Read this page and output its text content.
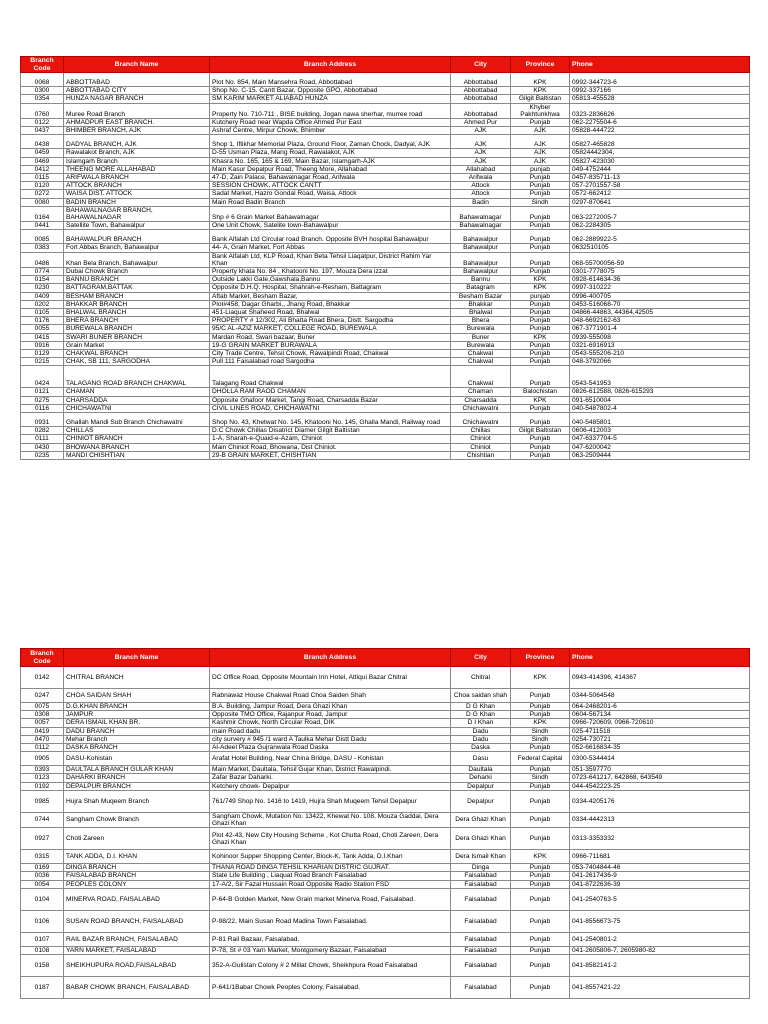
Branch Code	Branch Name	Branch Address	City	Province	Phone
0068	ABBOTTABAD	Plot No. 854, Main Mansehra Road, Abbottabad	Abbottabad	KPK	0992-344723-6
0300	ABBOTTABAD CITY	Shop No. C-15. Cantt Bazar, Opposite GPO, Abbottabad	Abbottabad	KPK	0992-337166
0354	HUNZA NAGAR BRANCH	SM KARIM MARKET ALIABAD HUNZA	Abbottabad	Gilgit Baltistan	05813-455528
0760	Muree Road Branch	Property No. 710-711 , BISE building, Jogan nawa sherhar, murree road	Abbottabad	Khyber Pakhtunkhwa	0323-2836626
0122	AHMADPUR EAST BRANCH.	Kutchery Road near Wapda Office Ahmed Pur East	Ahmed Pur	Punjab	062-2275504-6
0437	BHIMBER BRANCH, AJK	Ashraf Centre, Mirpur Chowk, Bhimber	AJK	AJK	05828-444722
0438	DADYAL BRANCH, AJK	Shop 1, Iftikhar Memorial Plaza, Ground Floor, Zaman Chock, Dadyal, AJK	AJK	AJK	05827-465828
0459	Rawalakot Branch, AJK	D-55 Usman Plaza, Mang Road, Rawalakot, AJK	AJK	AJK	05824442304,
0469	Islamgarh Branch	Khasra No. 165, 165 & 169, Main Bazar, Islamgarh-AJK	AJK	AJK	05827-423030
0412	THEENG MORE ALLAHABAD	Main Kasur Depalpur Road, Theeng More, Allahabad	Allahabad	punjab	049-4752444
0115	ARIFWALA BRANCH	47-D, Zain Palace, Bahawalnagar Road, Arifwala	Arifwala	Punjab	0457-835711-13
0120	ATTOCK BRANCH	SESSION CHOWK, ATTOCK CANTT	Attock	Punjab	057-2701557-58
0272	WAISA DIST. ATTOCK	Sadat Market, Hazro Gondal Road, Waisa, Attock	Attock	Punjab	0572-662412
0080	BADIN BRANCH	Main Road Badin Branch	Badin	Sindh	0297-870641
0164	BAHAWALNAGAR BRANCH, BAHAWALNAGAR	Shp # 6 Grain Market Bahawalnagar	Bahawalnagar	Punjab	063-2272005-7
0441	Satellite Town, Bahawalpur	One Unit Chowk, Satelite town-Bahawalpur	Bahawalnagar	Punjab	062-2284305
0085	BAHAWALPUR BRANCH	Bank Alfalah Ltd Circular road Branch. Opposite BVH hospital Bahawalpur	Bahawalpur	Punjab	062-2889922-5
0383	Fort Abbas Branch, Bahawalpur	44- A, Grain Market, Fort Abbas	Bahawalpur	Punjab	0632510105
0486	Khan Bela Branch, Bahawalpur	Bank Alfalah Ltd, KLP Road, Khan Beta Tehsil Liaqatpur, District Rahim Yar Khan	Bahawalpur	Punjab	068-55700056-59
0774	Dubai Chowk Branch	Property khata No. 84 , Khatooni No. 197, Mouza Dera izzat	Bahawalpur	Punjab	0301-7778075
0154	BANNU BRANCH	Outside Lakki Gate,Gawshala,Bannu	Bannu	KPK	0928-614634-36
0230	BATTAGRAM,BATTAK	Opposite D.H.Q. Hospital, Shahrah-e-Resham, Battagram	Batagram	KPK	0997-310222
0409	BESHAM BRANCH	Aftab Market, Besham Bazar,	Besham Bazar	punjab	0996-400705
0202	BHAKKAR BRANCH	Plot#458, Dagar Gharbi,, Jhang Road, Bhakkar	Bhakkar	Punjab	0453-516068-70
0105	BHALWAL BRANCH	451-Liaquat Shaheed Road, Bhalwal	Bhalwal	Punjab	04866-44863, 44364,42505
0176	BHERA BRANCH	PROPERTY # 12/302, Ali Bhatta Road Bhera, Distt. Sargodha	Bhera	Punjab	048-6692162-63
0055	BUREWALA BRANCH	95/C AL-AZIZ MARKET, COLLEGE ROAD, BUREWALA	Burewala	Punjab	067-3771901-4
0415	SWARI BUNER BRANCH	Mardan Road, Swari bazaar, Buner	Buner	KPK	0939-555098
0916	Grain Market	19-G GRAIN MARKET BURAWALA	Burewala	Punjab	0321-6916913
0129	CHAKWAL BRANCH	City Trade Centre, Tehsil Chowk, Rawalpindi Road, Chakwal	Chakwal	Punjab	0543-555206-210
0215	CHAK, SB 111, SARGODHA	Pull 111 Faisalabad road Sargodha	Chakwal	Punjab	048-3792066
0424	TALAGANG ROAD BRANCH CHAKWAL	Talagang Road Chakwal	Chakwal	Punjab	0543-541953
0121	CHAMAN	DHOLLA RAM RAOD CHAMAN	Chaman	Balochistan	0826-612588, 0826-615293
0275	CHARSADDA	Opposite Ghafoor Market, Tangi Road, Charsadda Bazar	Charsadda	KPK	091-6510004
0116	CHICHAWATNI	CIVIL LINES ROAD, CHICHAWATNI	Chichawatni	Punjab	040-5487802-4
0931	Ghallah Mandi Sub Branch Chichawatni	Shop No. 43, Khetwat No. 145, Khatooni No. 145, Ghalla Mandi, Railway road	Chichawatni	Punjab	040-5485801
0282	CHILLAS	D.C Chowk Chillas Disatrict Diamer Gilgit Baltistan	Chillas	Gilgit Baltistan	0606-412003
0111	CHINIOT BRANCH	1-A, Sharah-e-Quaid-e-Azam, Chiniot	Chiniot	Punjab	047-6337704-5
0430	BHOWANA BRANCH	Main Chiniot Road, Bhowana, Dist Chiniot.	Chiniot	Punjab	047-6200042
0235	MANDI CHISHTIAN	29-B GRAIN MARKET, CHISHTIAN	Chishtian	Punjab	063-2509444
Branch Code	Branch Name	Branch Address	City	Province	Phone
0142	CHITRAL BRANCH	DC Office Road, Opposite Mountain Inn Hotel, Attiqui Bazar Chitral	Chitral	KPK	0943-414396, 414367
0247	CHOA SAIDAN SHAH	Rabnawaz House Chakwal Road Choa Saiden Shah	Choa saidan shah	Punjab	0344-5064548
0075	D.G.KHAN BRANCH	B.A. Building, Jampur Road, Dera Ghazi Khan	D G Khan	Punjab	064-2468201-6
0308	JAMPUR	Opposite TMO Office, Rajanpur Road, Jampur	D G Khan	Punjab	0604-567134
0057	DERA ISMAIL KHAN BR.	Kashmir Chowk, North Circular Road, DIK	D I Khan	KPK	0966-720609, 0966-720610
0419	DADU BRANCH	main Road dadu	Dadu	Sindh	025-4711518
0470	Mehar Branch	city survery # 945 /1 ward A Taulka Mehar Distt Dadu	Dadu	Sindh	0254-730721
0112	DASKA BRANCH	Al-Adeel Plaza Gujranwala Road Daska	Daska	Punjab	052-6616834-35
0905	DASU-Kohistan	Arafat Hotel Building, Near China Bridge, DASU - Kohistan	Dasu	Federal Capital	0300-5344414
0393	DAULTALA BRANCH GULAR KHAN	Main Market, Daultala, Tehsil Gujar Khan, District Rawalpindi.	Daultala	Punjab	051-3597770
0123	DAHARKI BRANCH	Zafar Bazar Daharki.	Deharki	Sindh	0723-641217, 642868, 643549
0192	DEPALPUR BRANCH	Ketchery chowk- Depalpur	Depalpur	Punjab	044-4542223-25
0985	Hujra Shah Muqeem Branch	761/749 Shop No. 1416 to 1419, Hujra Shah Muqeem Tehsil Depalpur	Depalpur	Punjab	0334-4205176
0744	Sangham Chowk Branch	Sangham Chowk, Mutation No. 13422, Khewat No. 108, Mouza Gaddai, Dera Ghazi Khan	Dera Ghazi Khan	Punjab	0334-4442313
0927	Choti Zareen	Plot 42-43, New City Housing Scheme , Kot Chutta Road, Choti Zareen, Dera Ghazi Khan	Dera Ghazi Khan	Punjab	0313-3353332
0315	TANK ADDA, D.I. KHAN	Kohinoor Supper Shopping Center, Block-K, Tank Adda, D.I.Khan	Dera Ismail Khan	KPK	0966-711681
0169	DINGA BRANCH	THANA ROAD DINGA TEHSIL KHARIAN DISTRIC GUJRAT.	Dinga	Punjab	053-7404844-46
0036	FAISALABAD BRANCH	State Life Building , Liaquat Road Branch Faisalabad	Faisalabad	Punjab	041-2617436-9
0054	PEOPLES COLONY	17-A/2, Sir Fazal Hussain Road Opposite Radio Station FSD	Faisalabad	Punjab	041-8722636-39
0104	MINERVA ROAD, FAISALABAD	P-64-B Golden Market, New Grain market Minerva Road, Faisalabad.	Faisalabad	Punjab	041-2540763-5
0106	SUSAN ROAD BRANCH, FAISALABAD	P-98/22, Main Susan Road Madina Town Faisalabad.	Faisalabad	Punjab	041-8556673-75
0107	RAIL BAZAR BRANCH, FAISALABAD	P-81 Rail Bazaar, Faisalabad.	Faisalabad	Punjab	041-2540801-2
0108	YARN MARKET, FAISALABAD	P-78, St # 03 Yarn Market, Montgomery Bazaar, Faisalabad	Faisalabad	Punjab	041-2605806-7, 2605980-82
0158	SHEIKHUPURA ROAD,FAISALABAD	352-A-Gulistan Colony # 2 Millat Chowk, Sheikhpura Road Faisalabad	Faisalabad	Punjab	041-8582141-2
0187	BABAR CHOWK BRANCH, FAISALABAD	P-641/1Babar Chowk Peoples Colony, Faisalabad.	Faisalabad	Punjab	041-8557421-22
